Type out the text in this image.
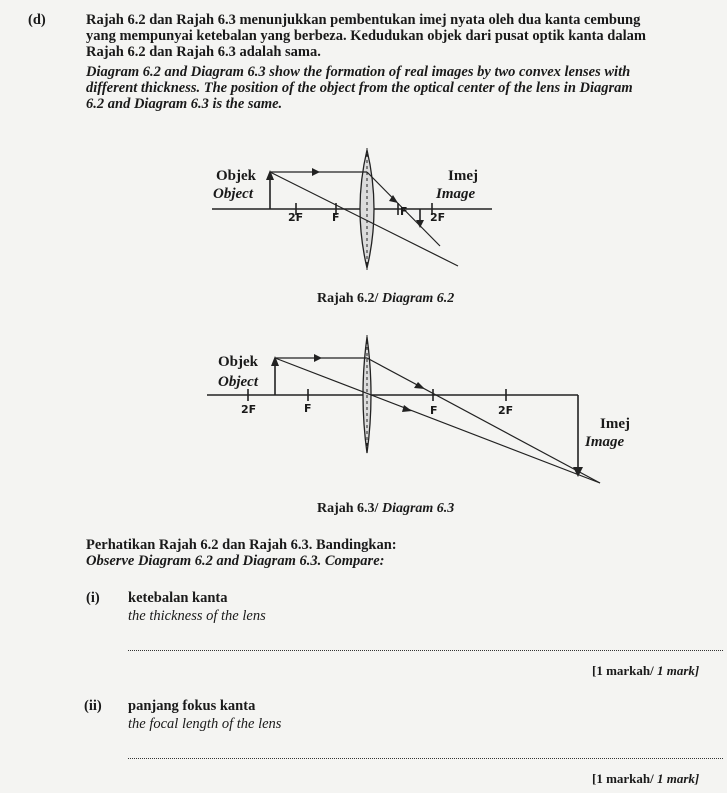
(d)	Rajah 6.2 dan Rajah 6.3 menunjukkan pembentukan imej nyata oleh dua kanta cembung
yang mempunyai ketebalan yang berbeza. Kedudukan objek dari pusat optik kanta dalam
Rajah 6.2 dan Rajah 6.3 adalah sama.
Diagram 6.2 and Diagram 6.3 show the formation of real images by two convex lenses with
different thickness. The position of the object from the optical center of the lens in Diagram
6.2 and Diagram 6.3 is the same.
Objek
Object
Imej
Image
2F	F	F 2F
Rajah 6.2/ Diagram 6.2
Objek
Object
Imej
Image
2F	F	F	2F
Rajah 6.3/ Diagram 6.3
Perhatikan Rajah 6.2 dan Rajah 6.3. Bandingkan:
Observe Diagram 6.2 and Diagram 6.3. Compare:
(i) ketebalan kanta
the thickness of the lens
[1 markah/ 1 mark]
(ii) panjang fokus kanta
the focal length of the lens
[1 markah/ 1 mark]
